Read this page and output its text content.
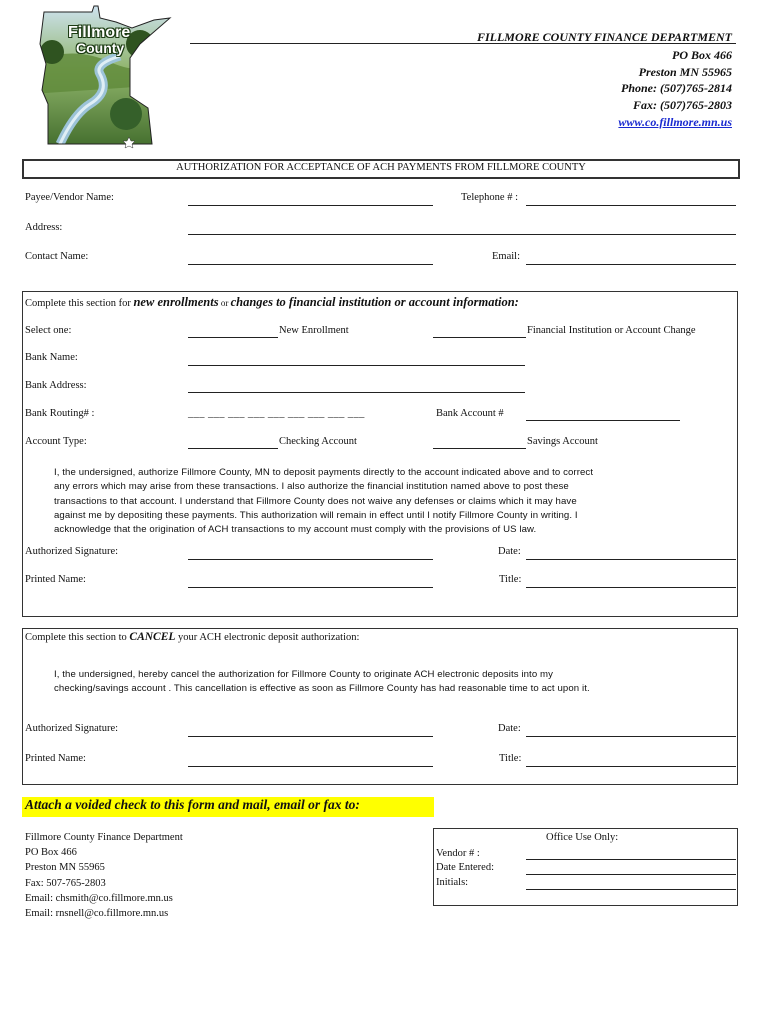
Fillmore
County
FILLMORE COUNTY FINANCE DEPARTMENT
PO Box 466
Preston MN 55965
Phone: (507)765-2814
Fax: (507)765-2803
www.co.fillmore.mn.us
AUTHORIZATION FOR ACCEPTANCE OF ACH PAYMENTS FROM FILLMORE COUNTY
Payee/Vendor Name:	Telephone # :
Address:
Contact Name:	Email:
Complete this section for new enrollments or changes to financial institution or account information:
Select one:	New Enrollment	Financial Institution or Account Change
Bank Name:
Bank Address:
Bank Routing# :	___ ___ ___ ___ ___ ___ ___ ___ ___	Bank Account #
Account Type:	Checking Account	Savings Account
I, the undersigned, authorize Fillmore County, MN to deposit payments directly to the account indicated above and to correct
any errors which may arise from these transactions. I also authorize the financial institution named above to post these
transactions to that account. I understand that Fillmore County does not waive any defenses or claims which it may have
against me by depositing these payments. This authorization will remain in effect until I notify Fillmore County in writing. I
acknowledge that the origination of ACH transactions to my account must comply with the provisions of US law.
Authorized Signature:	Date:
Printed Name:	Title:
Complete this section to CANCEL your ACH electronic deposit authorization:
I, the undersigned, hereby cancel the authorization for Fillmore County to originate ACH electronic deposits into my
checking/savings account . This cancellation is effective as soon as Fillmore County has had reasonable time to act upon it.
Authorized Signature:	Date:
Printed Name:	Title:
Attach a voided check to this form and mail, email or fax to:
Fillmore County Finance Department
PO Box 466
Preston MN 55965
Fax: 507-765-2803
Email: chsmith@co.fillmore.mn.us
Email: rnsnell@co.fillmore.mn.us
Office Use Only:
Vendor # :
Date Entered:
Initials:
